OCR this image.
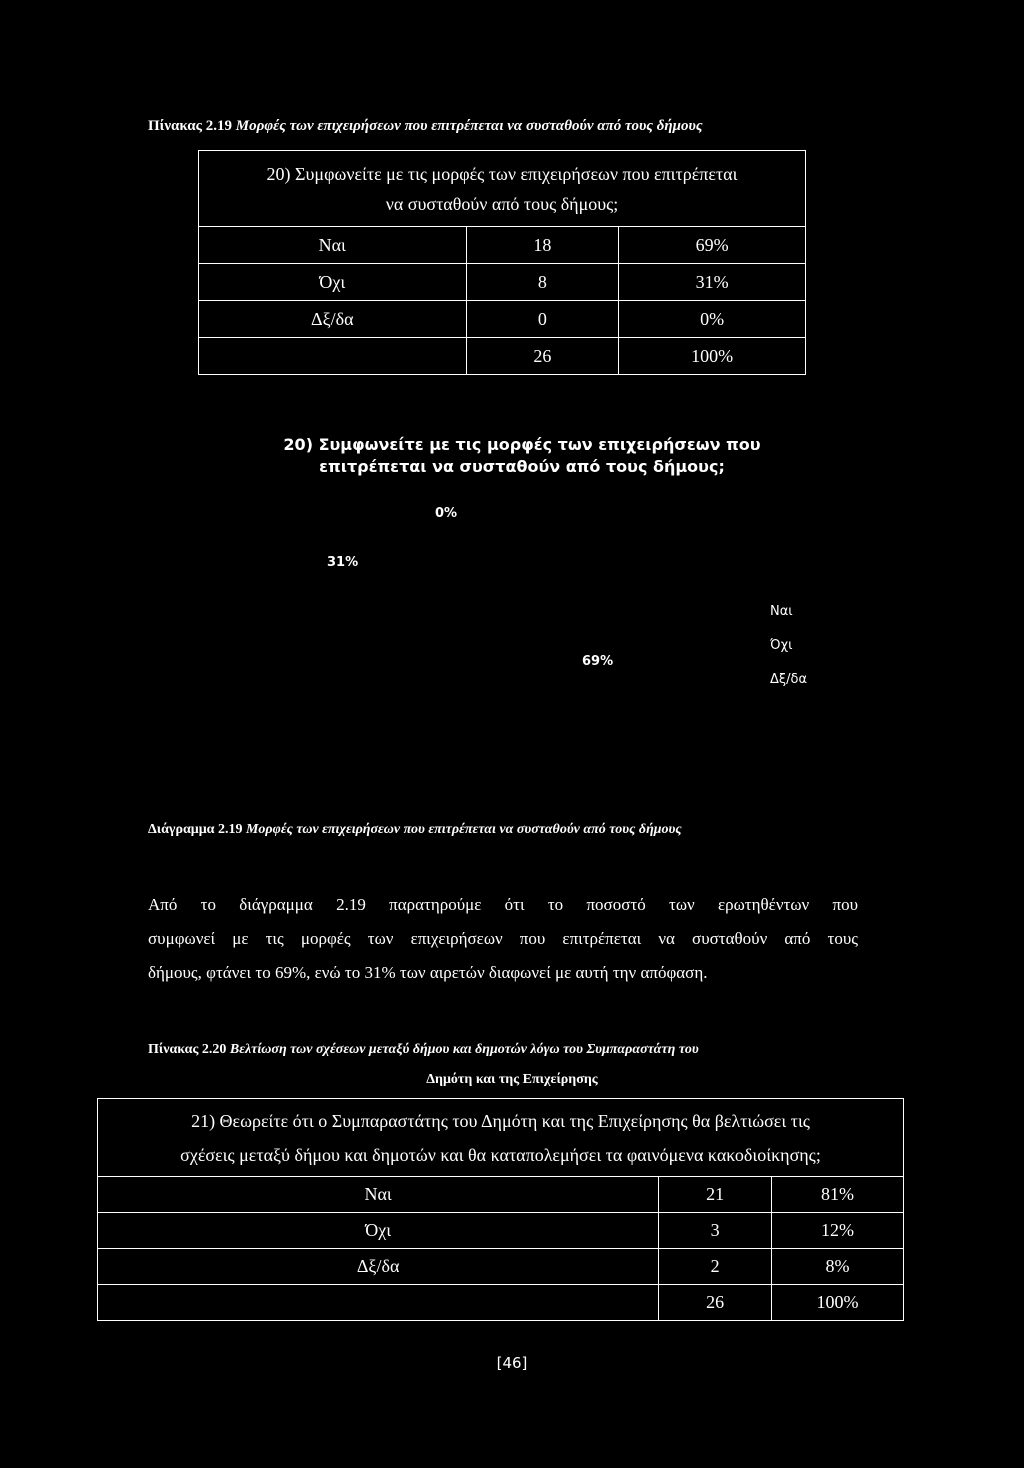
Πίνακας 2.19 Μορφές των επιχειρήσεων που επιτρέπεται να συσταθούν από τους δήμους
20) Συμφωνείτε με τις μορφές των επιχειρήσεων που επιτρέπεται
να συσταθούν από τους δήμους;		

Ναι	18	69%
Όχι	8	31%
Δξ/δα	0	0%
	26	100%
20) Συμφωνείτε με τις μορφές των επιχειρήσεων που
επιτρέπεται να συσταθούν από τους δήμους;
0%
31%
69%
Ναι
Όχι
Δξ/δα
Διάγραμμα 2.19 Μορφές των επιχειρήσεων που επιτρέπεται να συσταθούν από τους δήμους
Από το διάγραμμα 2.19 παρατηρούμε ότι το ποσοστό των ερωτηθέντων που
συμφωνεί με τις μορφές των επιχειρήσεων που επιτρέπεται να συσταθούν από τους
δήμους, φτάνει το 69%, ενώ το 31% των αιρετών διαφωνεί με αυτή την απόφαση.
Πίνακας 2.20 Βελτίωση των σχέσεων μεταξύ δήμου και δημοτών λόγω του Συμπαραστάτη του
Δημότη και της Επιχείρησης
21) Θεωρείτε ότι ο Συμπαραστάτης του Δημότη και της Επιχείρησης θα βελτιώσει τις
σχέσεις μεταξύ δήμου και δημοτών και θα καταπολεμήσει τα φαινόμενα κακοδιοίκησης;		

Ναι	21	81%
Όχι	3	12%
Δξ/δα	2	8%
	26	100%
[46]
